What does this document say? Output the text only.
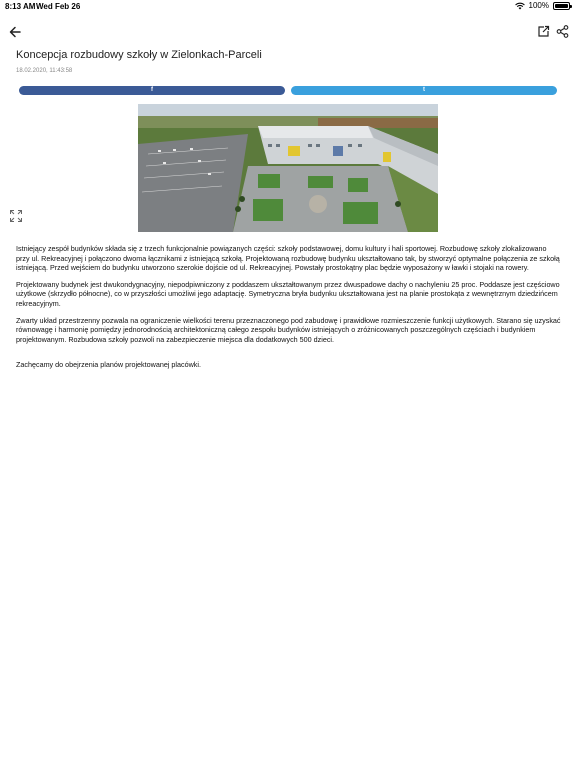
8:13 AM Wed Feb 26	100%
Koncepcja rozbudowy szkoły w Zielonkach-Parceli
18.02.2020, 11:43:58
f	t

Istniejący zespół budynków składa się z trzech funkcjonalnie powiązanych części: szkoły podstawowej, domu kultury i hali sportowej. Rozbudowę szkoły zlokalizowano przy ul. Rekreacyjnej i połączono dwoma łącznikami z istniejącą szkołą. Projektowaną rozbudowę budynku ukształtowano tak, by stworzyć optymalne połączenia ze szkołą istniejącą. Przed wejściem do budynku utworzono szerokie dojście od ul. Rekreacyjnej. Powstały prostokątny plac będzie wyposażony w ławki i stojaki na rowery.

Projektowany budynek jest dwukondygnacyjny, niepodpiwniczony z poddaszem ukształtowanym przez dwuspadowe dachy o nachyleniu 25 proc. Poddasze jest częściowo użytkowe (skrzydło północne), co w przyszłości umożliwi jego adaptację. Symetryczna bryła budynku ukształtowana jest na planie prostokąta z wewnętrznym dziedzińcem rekreacyjnym.

Zwarty układ przestrzenny pozwala na ograniczenie wielkości terenu przeznaczonego pod zabudowę i prawidłowe rozmieszczenie funkcji użytkowych. Starano się uzyskać równowagę i harmonię pomiędzy jednorodnością architektoniczną całego zespołu budynków istniejących o zróżnicowanych poszczególnych częściach i budynkiem projektowanym. Rozbudowa szkoły pozwoli na zabezpieczenie miejsca dla dodatkowych 500 dzieci.

Zachęcamy do obejrzenia planów projektowanej placówki.
